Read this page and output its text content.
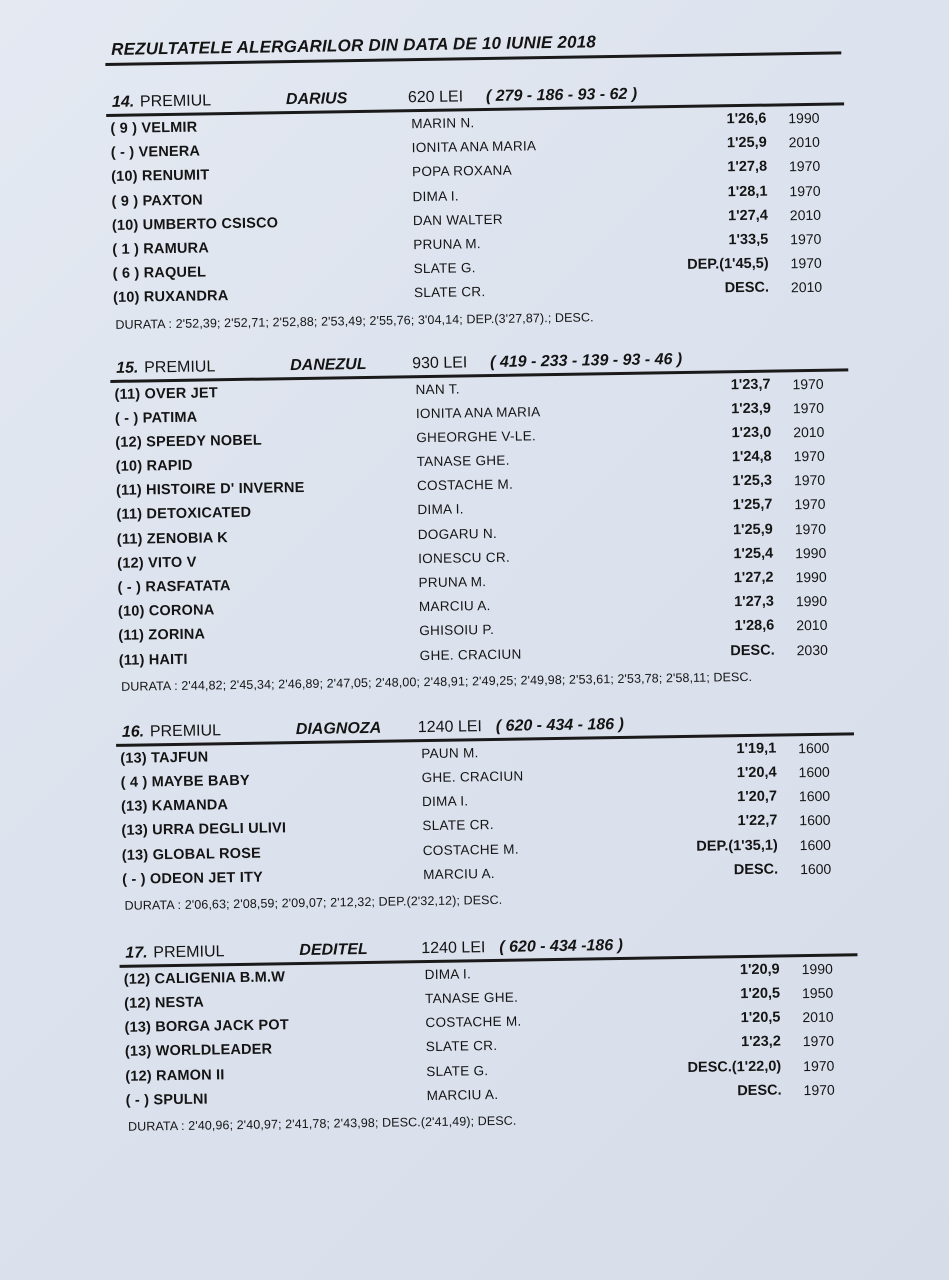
REZULTATELE ALERGARILOR DIN DATA DE 10 IUNIE 2018
14. PREMIUL	DARIUS	620 LEI ( 279 - 186 - 93 - 62 )
( 9 ) VELMIR	MARIN N.	1'26,6 1990
( - ) VENERA	IONITA ANA MARIA	1'25,9 2010
(10) RENUMIT	POPA ROXANA	1'27,8 1970
( 9 ) PAXTON	DIMA I.	1'28,1 1970
(10) UMBERTO CSISCO	DAN WALTER	1'27,4 2010
( 1 ) RAMURA	PRUNA M.	1'33,5 1970
( 6 ) RAQUEL	SLATE G.	DEP.(1'45,5) 1970
(10) RUXANDRA	SLATE CR.	DESC. 2010
DURATA : 2'52,39; 2'52,71; 2'52,88; 2'53,49; 2'55,76; 3'04,14; DEP.(3'27,87).; DESC.
15. PREMIUL	DANEZUL	930 LEI ( 419 - 233 - 139 - 93 - 46 )
(11) OVER JET	NAN T.	1'23,7 1970
( - ) PATIMA	IONITA ANA MARIA	1'23,9 1970
(12) SPEEDY NOBEL	GHEORGHE V-LE.	1'23,0 2010
(10) RAPID	TANASE GHE.	1'24,8 1970
(11) HISTOIRE D' INVERNE	COSTACHE M.	1'25,3 1970
(11) DETOXICATED	DIMA I.	1'25,7 1970
(11) ZENOBIA K	DOGARU N.	1'25,9 1970
(12) VITO V	IONESCU CR.	1'25,4 1990
( - ) RASFATATA	PRUNA M.	1'27,2 1990
(10) CORONA	MARCIU A.	1'27,3 1990
(11) ZORINA	GHISOIU P.	1'28,6 2010
(11) HAITI	GHE. CRACIUN	DESC. 2030
DURATA : 2'44,82; 2'45,34; 2'46,89; 2'47,05; 2'48,00; 2'48,91; 2'49,25; 2'49,98; 2'53,61; 2'53,78; 2'58,11; DESC.
16. PREMIUL	DIAGNOZA 1240 LEI ( 620 - 434 - 186 )
(13) TAJFUN	PAUN M.	1'19,1 1600
( 4 ) MAYBE BABY	GHE. CRACIUN	1'20,4 1600
(13) KAMANDA	DIMA I.	1'20,7 1600
(13) URRA DEGLI ULIVI	SLATE CR.	1'22,7 1600
(13) GLOBAL ROSE	COSTACHE M.	DEP.(1'35,1) 1600
( - ) ODEON JET ITY	MARCIU A.	DESC. 1600
DURATA : 2'06,63; 2'08,59; 2'09,07; 2'12,32; DEP.(2'32,12); DESC.
17. PREMIUL	DEDITEL	1240 LEI ( 620 - 434 -186 )
(12) CALIGENIA B.M.W	DIMA I.	1'20,9 1990
(12) NESTA	TANASE GHE.	1'20,5 1950
(13) BORGA JACK POT	COSTACHE M.	1'20,5 2010
(13) WORLDLEADER	SLATE CR.	1'23,2 1970
(12) RAMON II	SLATE G.	DESC.(1'22,0) 1970
( - ) SPULNI	MARCIU A.	DESC. 1970
DURATA : 2'40,96; 2'40,97; 2'41,78; 2'43,98; DESC.(2'41,49); DESC.
